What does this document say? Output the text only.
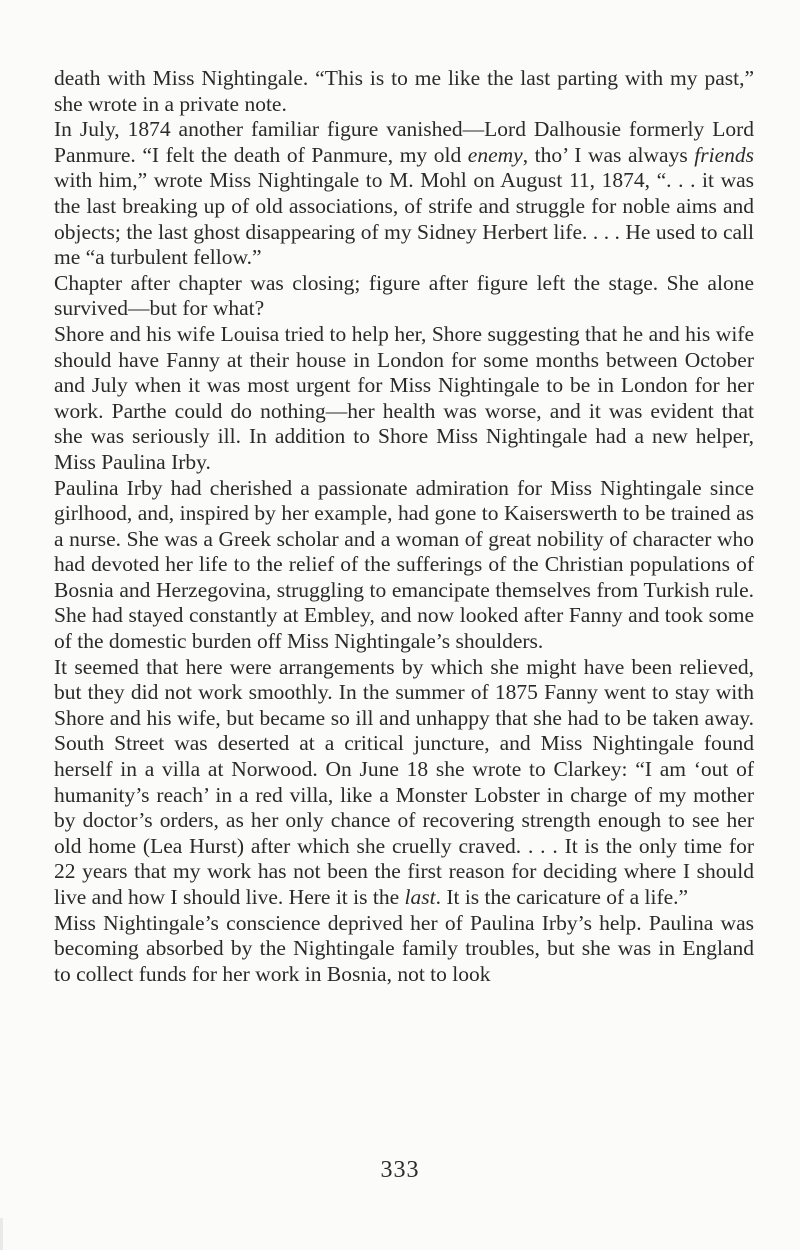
death with Miss Nightingale. “This is to me like the last parting with my past,” she wrote in a private note.

In July, 1874 another familiar figure vanished—Lord Dalhousie formerly Lord Panmure. “I felt the death of Panmure, my old enemy, tho’ I was always friends with him,” wrote Miss Nightingale to M. Mohl on August 11, 1874, “. . . it was the last breaking up of old associations, of strife and struggle for noble aims and objects; the last ghost disappearing of my Sidney Herbert life. . . . He used to call me “a turbulent fellow.”

Chapter after chapter was closing; figure after figure left the stage. She alone survived—but for what?

Shore and his wife Louisa tried to help her, Shore suggesting that he and his wife should have Fanny at their house in London for some months between October and July when it was most urgent for Miss Nightingale to be in London for her work. Parthe could do nothing—her health was worse, and it was evident that she was seriously ill. In addition to Shore Miss Nightingale had a new helper, Miss Paulina Irby.

Paulina Irby had cherished a passionate admiration for Miss Nightingale since girlhood, and, inspired by her example, had gone to Kaiserswerth to be trained as a nurse. She was a Greek scholar and a woman of great nobility of character who had devoted her life to the relief of the sufferings of the Christian populations of Bosnia and Herzegovina, struggling to emancipate themselves from Turkish rule. She had stayed constantly at Embley, and now looked after Fanny and took some of the domestic burden off Miss Nightingale’s shoulders.

It seemed that here were arrangements by which she might have been relieved, but they did not work smoothly. In the summer of 1875 Fanny went to stay with Shore and his wife, but became so ill and unhappy that she had to be taken away. South Street was deserted at a critical juncture, and Miss Nightingale found herself in a villa at Norwood. On June 18 she wrote to Clarkey: “I am ‘out of humanity’s reach’ in a red villa, like a Monster Lobster in charge of my mother by doctor’s orders, as her only chance of recovering strength enough to see her old home (Lea Hurst) after which she cruelly craved. . . . It is the only time for 22 years that my work has not been the first reason for deciding where I should live and how I should live. Here it is the last. It is the caricature of a life.”

Miss Nightingale’s conscience deprived her of Paulina Irby’s help. Paulina was becoming absorbed by the Nightingale family troubles, but she was in England to collect funds for her work in Bosnia, not to look

333
